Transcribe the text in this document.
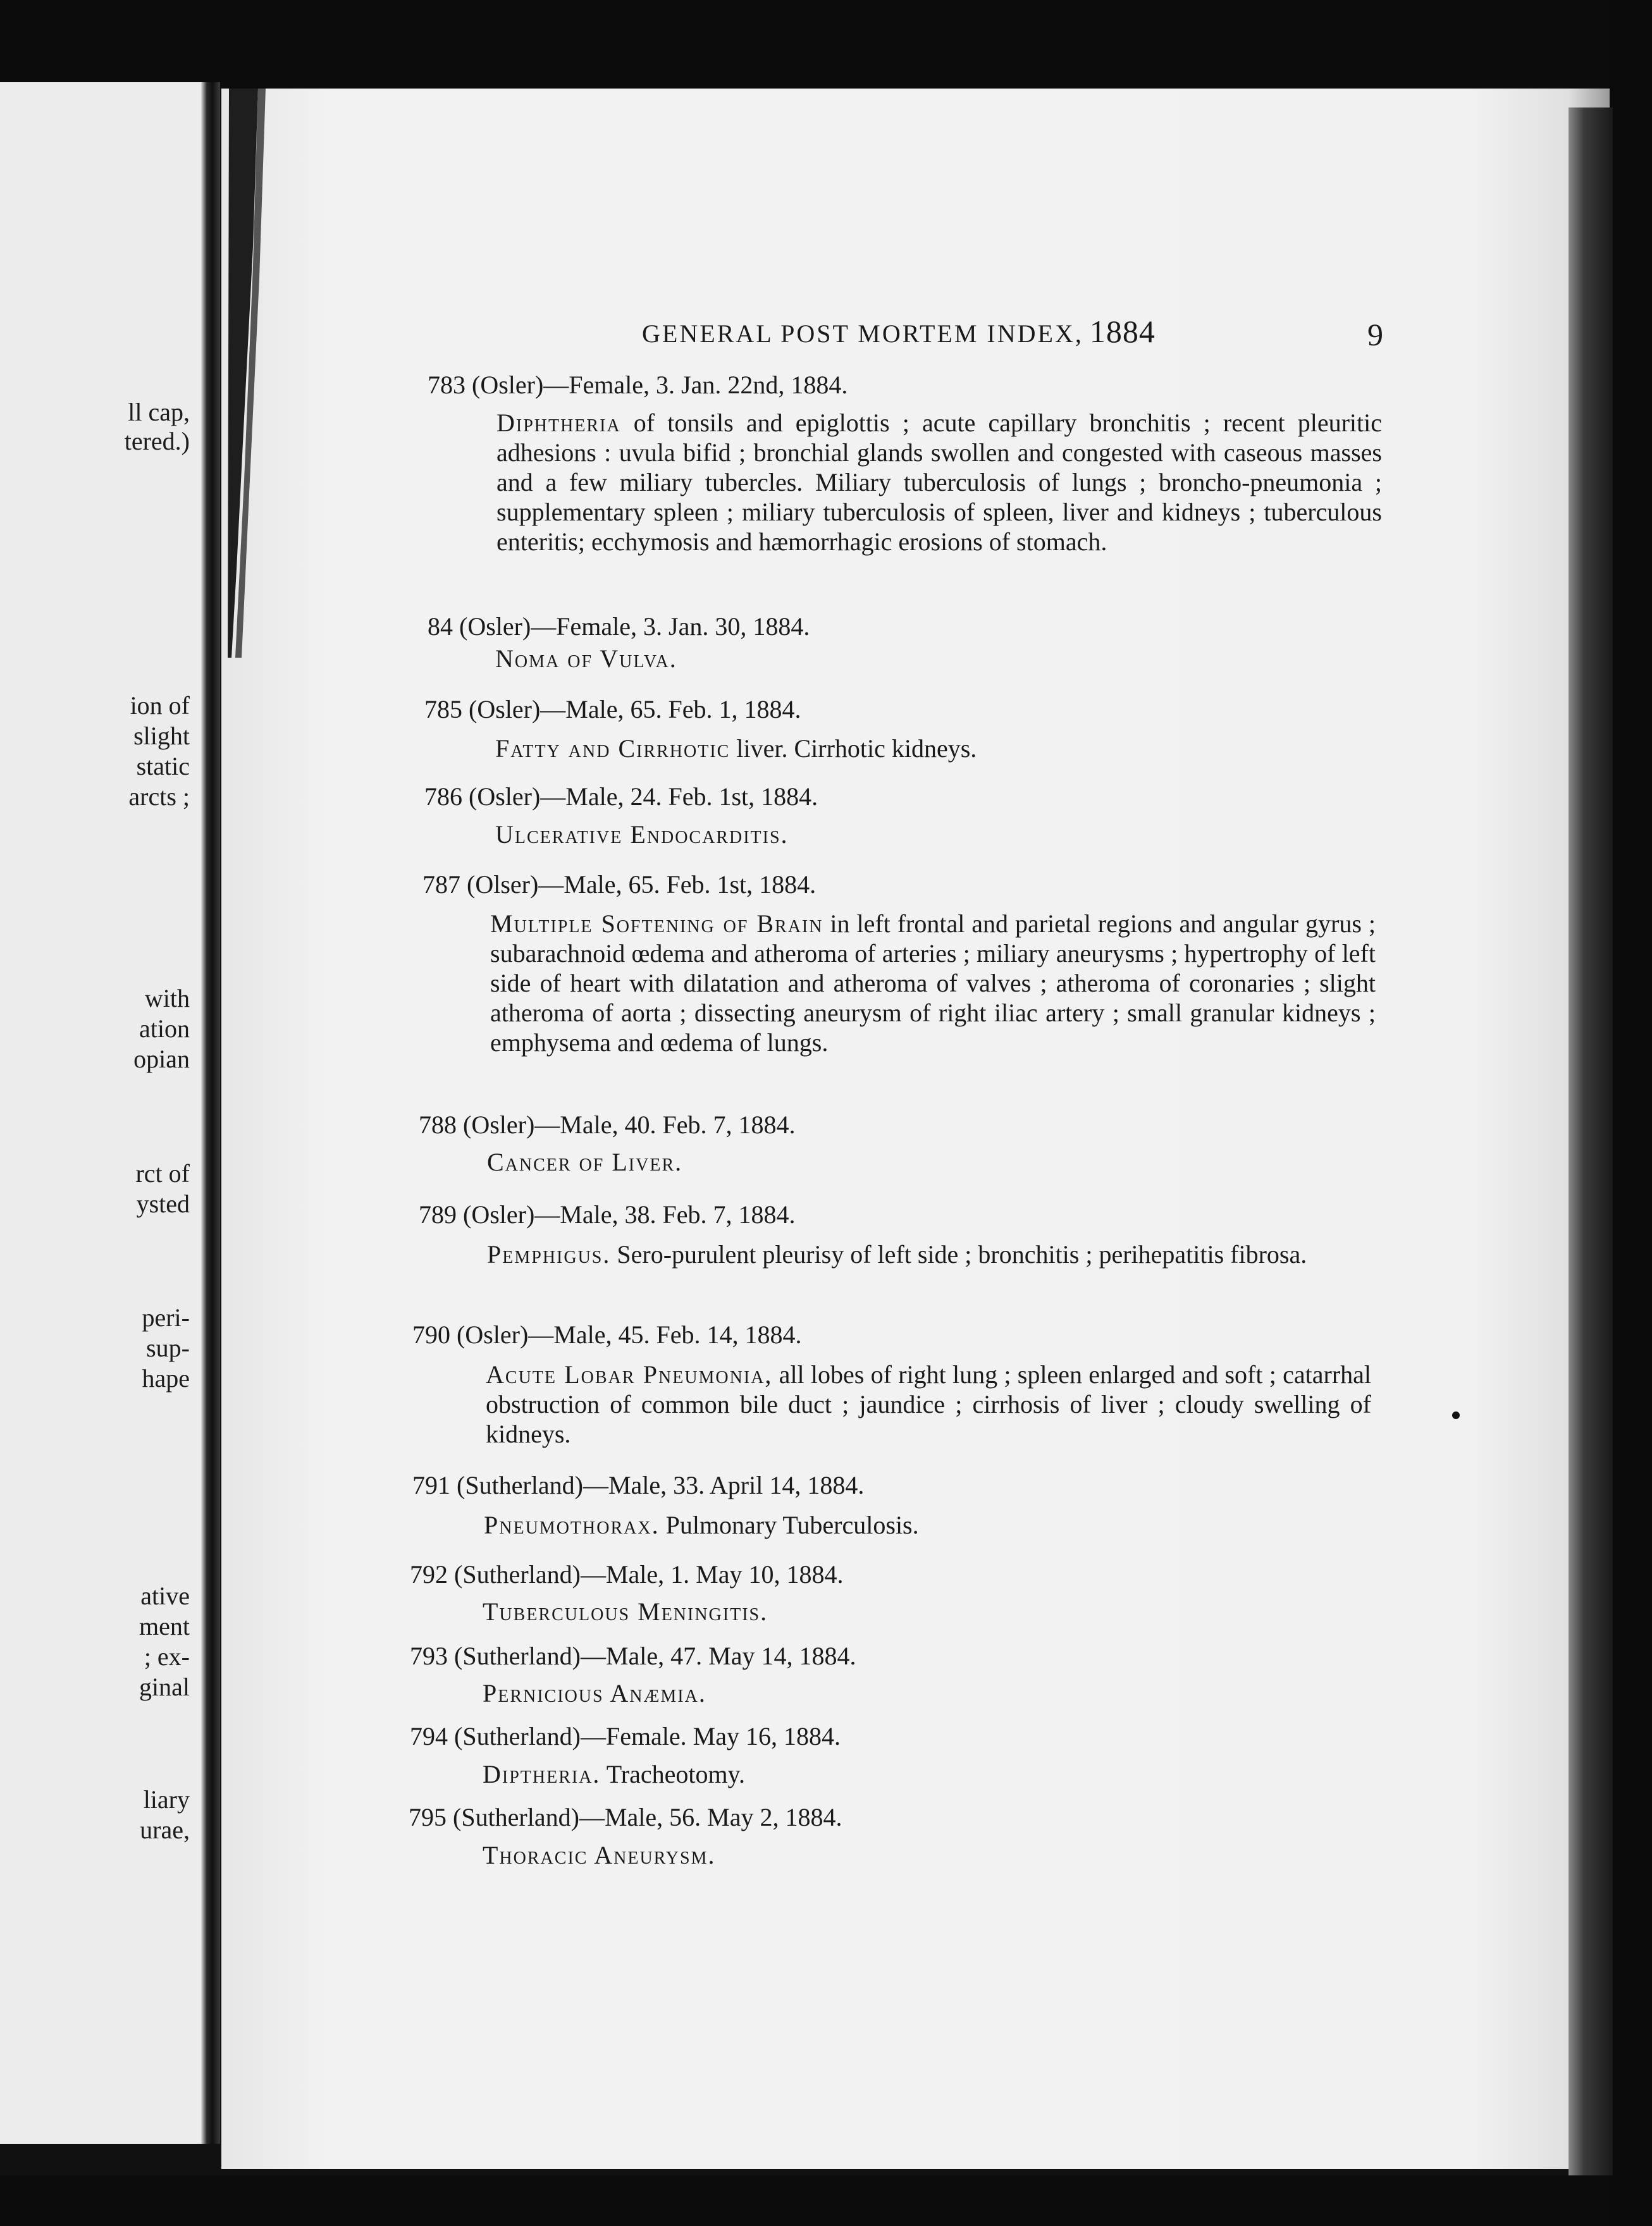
ll cap,
tered.)
ion of
slight
static
arcts ;
with
ation
opian
rct of
ysted
peri-
sup-
hape
ative
ment
; ex-
ginal
liary
urae,
GENERAL POST MORTEM INDEX, 1884	9
783 (Osler)—Female, 3. Jan. 22nd, 1884.
Diphtheria of tonsils and epiglottis ; acute capillary bronchitis ; recent pleuritic adhesions : uvula bifid ; bronchial glands swollen and congested with caseous masses and a few miliary tubercles. Miliary tuberculosis of lungs ; broncho-pneumonia ; supplementary spleen ; miliary tuberculosis of spleen, liver and kidneys ; tuberculous enteritis; ecchymosis and hæmorrhagic erosions of stomach.
84 (Osler)—Female, 3. Jan. 30, 1884.
Noma of Vulva.
785 (Osler)—Male, 65. Feb. 1, 1884.
Fatty and Cirrhotic liver. Cirrhotic kidneys.
786 (Osler)—Male, 24. Feb. 1st, 1884.
Ulcerative Endocarditis.
787 (Olser)—Male, 65. Feb. 1st, 1884.
Multiple Softening of Brain in left frontal and parietal regions and angular gyrus ; subarachnoid œdema and atheroma of arteries ; miliary aneurysms ; hypertrophy of left side of heart with dilatation and atheroma of valves ; atheroma of coronaries ; slight atheroma of aorta ; dissecting aneurysm of right iliac artery ; small granular kidneys ; emphysema and œdema of lungs.
788 (Osler)—Male, 40. Feb. 7, 1884.
Cancer of Liver.
789 (Osler)—Male, 38. Feb. 7, 1884.
Pemphigus. Sero-purulent pleurisy of left side ; bronchitis ; perihepatitis fibrosa.
790 (Osler)—Male, 45. Feb. 14, 1884.
Acute Lobar Pneumonia, all lobes of right lung ; spleen enlarged and soft ; catarrhal obstruction of common bile duct ; jaundice ; cirrhosis of liver ; cloudy swelling of kidneys.
791 (Sutherland)—Male, 33. April 14, 1884.
Pneumothorax. Pulmonary Tuberculosis.
792 (Sutherland)—Male, 1. May 10, 1884.
Tuberculous Meningitis.
793 (Sutherland)—Male, 47. May 14, 1884.
Pernicious Anæmia.
794 (Sutherland)—Female. May 16, 1884.
Diptheria. Tracheotomy.
795 (Sutherland)—Male, 56. May 2, 1884.
Thoracic Aneurysm.
